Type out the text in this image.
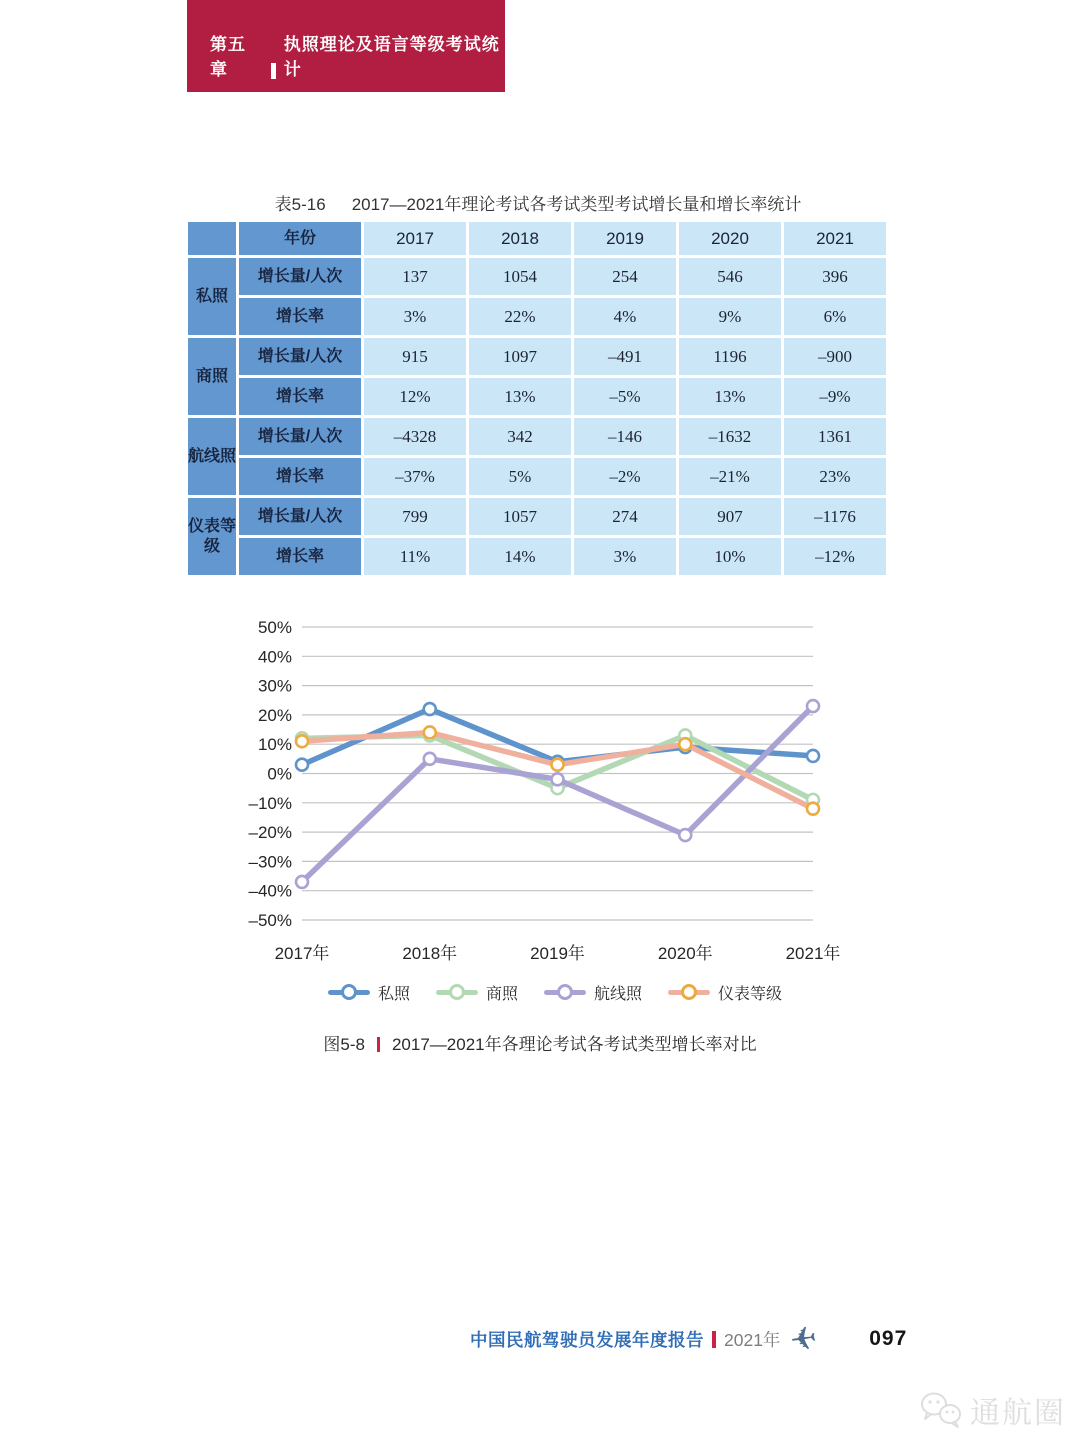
第五章
执照理论及语言等级考试统计
表5-16 2017—2021年理论考试各考试类型考试增长量和增长率统计
	年份	2017	2018	2019	2020	2021
私照	增长量/人次	137	1054	254	546	396
	增长率	3%	22%	4%	9%	6%
商照	增长量/人次	915	1097	–491	1196	–900
	增长率	12%	13%	–5%	13%	–9%
航线照	增长量/人次	–4328	342	–146	–1632	1361
	增长率	–37%	5%	–2%	–21%	23%
仪表等级	增长量/人次	799	1057	274	907	–1176
	增长率	11%	14%	3%	10%	–12%
50%
40%
30%
20%
10%
0%
–10%
–20%
–30%
–40%
–50%
2017年	2018年	2019年	2020年	2021年
私照	商照	航线照	仪表等级
图5-8 2017—2021年各理论考试各考试类型增长率对比
中国民航驾驶员发展年度报告 2021年 ✈ 097
通航圈
